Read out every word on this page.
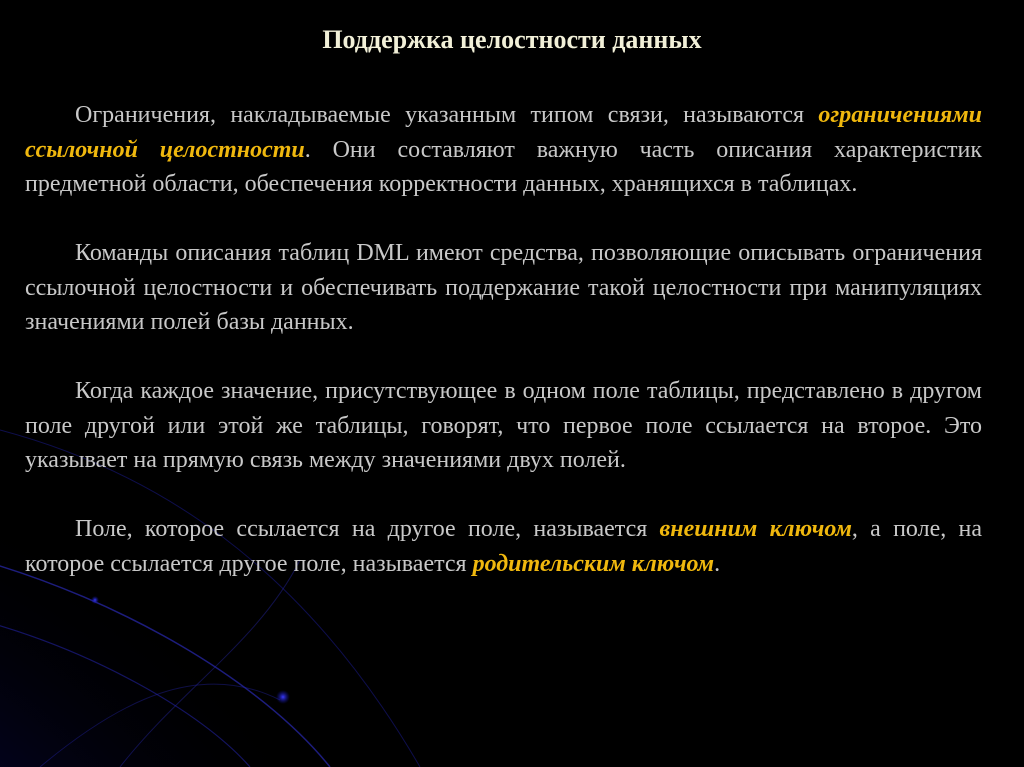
Поддержка целостности данных

Ограничения, накладываемые указанным типом связи, называются ограничениями ссылочной целостности. Они составляют важную часть описания характеристик предметной области, обеспечения корректности данных, хранящихся в таблицах.

Команды описания таблиц DML имеют средства, позволяющие описывать ограничения ссылочной целостности и обеспечивать поддержание такой целостности при манипуляциях значениями полей базы данных.

Когда каждое значение, присутствующее в одном поле таблицы, представлено в другом поле другой или этой же таблицы, говорят, что первое поле ссылается на второе. Это указывает на прямую связь между значениями двух полей.

Поле, которое ссылается на другое поле, называется внешним ключом, а поле, на которое ссылается другое поле, называется родительским ключом.
